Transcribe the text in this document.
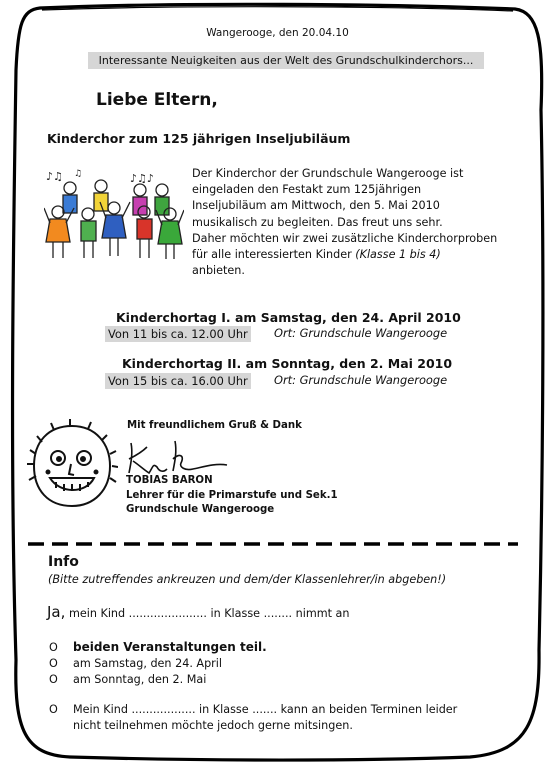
Wangerooge, den 20.04.10
Interessante Neuigkeiten aus der Welt des Grundschulkinderchors...
Liebe Eltern,
Kinderchor zum 125 jährigen Inseljubiläum
♪♫	♪♫♪
♫	Der Kinderchor der Grundschule Wangerooge ist

eingeladen den Festakt zum 125jährigen

Inseljubiläum am Mittwoch, den 5. Mai 2010

musikalisch zu begleiten. Das freut uns sehr.

Daher möchten wir zwei zusätzliche Kinderchorproben

für alle interessierten Kinder (Klasse 1 bis 4)

anbieten.

Kinderchortag I. am Samstag, den 24. April 2010
Von 11 bis ca. 12.00 Uhr Ort: Grundschule Wangerooge
Kinderchortag II. am Sonntag, den 2. Mai 2010
Von 15 bis ca. 16.00 Uhr Ort: Grundschule Wangerooge
Mit freundlichem Gruß & Dank
TOBIAS BARON
Lehrer für die Primarstufe und Sek.1
Grundschule Wangerooge
Info
(Bitte zutreffendes ankreuzen und dem/der Klassenlehrer/in abgeben!)
Ja, mein Kind ...................... in Klasse ........ nimmt an
O beiden Veranstaltungen teil.
O am Samstag, den 24. April
O am Sonntag, den 2. Mai
O Mein Kind .................. in Klasse ....... kann an beiden Terminen leider
nicht teilnehmen möchte jedoch gerne mitsingen.
